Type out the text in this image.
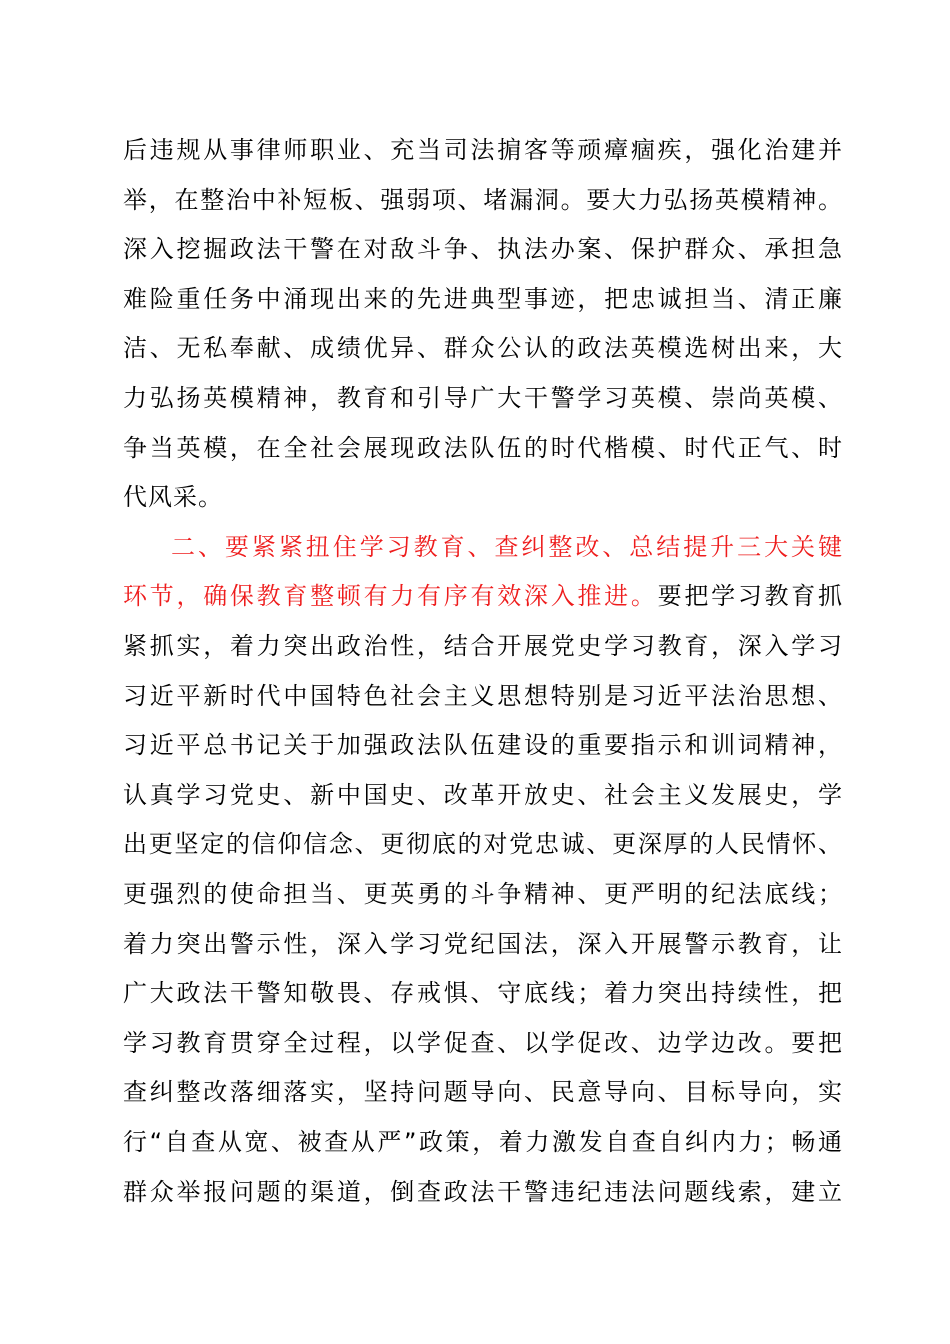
后违规从事律师职业、充当司法掮客等顽瘴痼疾，强化治建并
举，在整治中补短板、强弱项、堵漏洞。要大力弘扬英模精神。
深入挖掘政法干警在对敌斗争、执法办案、保护群众、承担急
难险重任务中涌现出来的先进典型事迹，把忠诚担当、清正廉
洁、无私奉献、成绩优异、群众公认的政法英模选树出来，大
力弘扬英模精神，教育和引导广大干警学习英模、崇尚英模、
争当英模，在全社会展现政法队伍的时代楷模、时代正气、时
代风采。
二、要紧紧扭住学习教育、查纠整改、总结提升三大关键
环节，确保教育整顿有力有序有效深入推进。要把学习教育抓
紧抓实，着力突出政治性，结合开展党史学习教育，深入学习
习近平新时代中国特色社会主义思想特别是习近平法治思想、
习近平总书记关于加强政法队伍建设的重要指示和训词精神，
认真学习党史、新中国史、改革开放史、社会主义发展史，学
出更坚定的信仰信念、更彻底的对党忠诚、更深厚的人民情怀、
更强烈的使命担当、更英勇的斗争精神、更严明的纪法底线；
着力突出警示性，深入学习党纪国法，深入开展警示教育，让
广大政法干警知敬畏、存戒惧、守底线；着力突出持续性，把
学习教育贯穿全过程，以学促查、以学促改、边学边改。要把
查纠整改落细落实，坚持问题导向、民意导向、目标导向，实
行“自查从宽、被查从严”政策，着力激发自查自纠内力；畅通
群众举报问题的渠道，倒查政法干警违纪违法问题线索，建立
